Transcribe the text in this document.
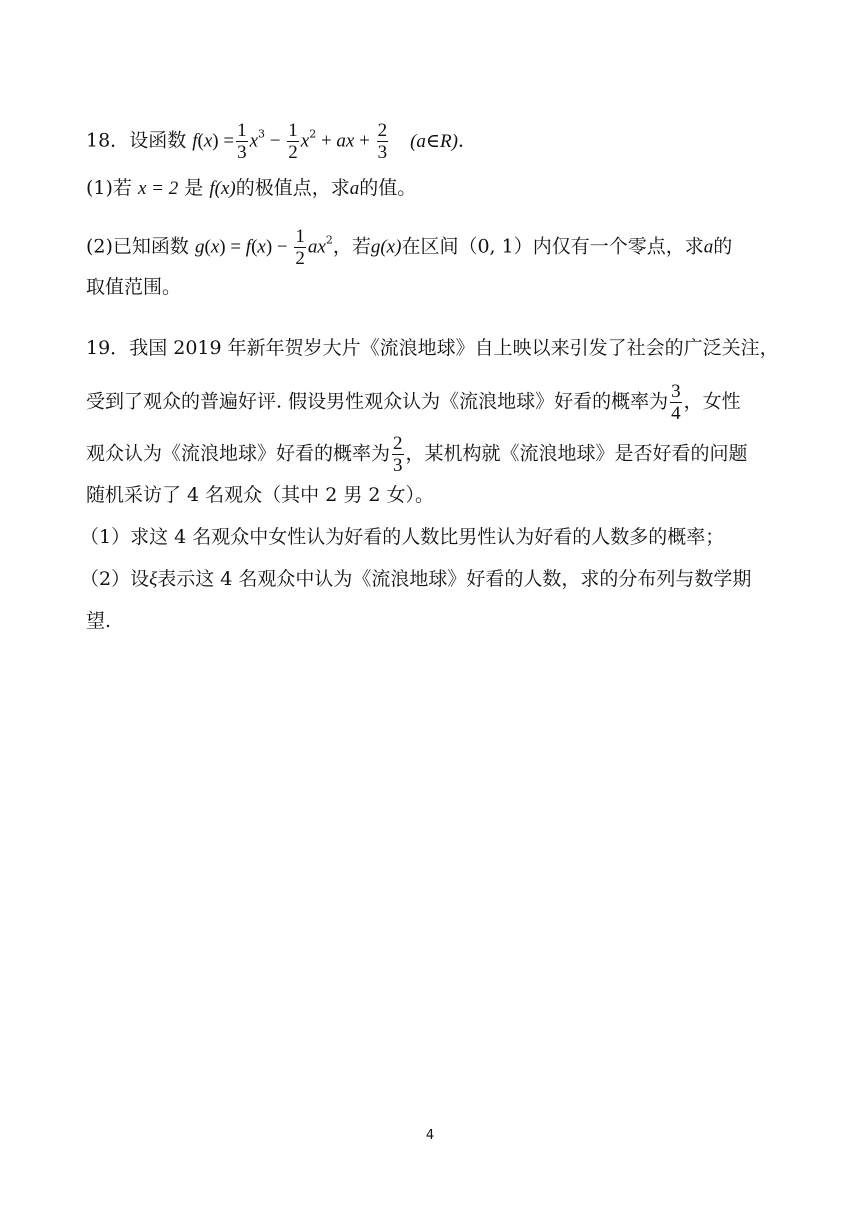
18．设函数 $f(x) = \frac{1}{3} x^3 - \frac{1}{2} x^2$ + ax + $\frac{2}{3}$ (a∈R)．
(1)若 x = 2 是 f(x)的极值点，求a的值。
(2)已知函数 $g(x) = f(x) - \frac{1}{2} ax^2$，若g(x)在区间（0, 1）内仅有一个零点，求a的
取值范围。
19．我国 2019 年新年贺岁大片《流浪地球》自上映以来引发了社会的广泛关注，
受到了观众的普遍好评. 假设男性观众认为《流浪地球》好看的概率为 $\frac{3}{4}$ ，女性
观众认为《流浪地球》好看的概率为 $\frac{2}{3}$ ，某机构就《流浪地球》是否好看的问题
随机采访了 4 名观众（其中 2 男 2 女）。
（1）求这 4 名观众中女性认为好看的人数比男性认为好看的人数多的概率；
（2）设ξ表示这 4 名观众中认为《流浪地球》好看的人数，求的分布列与数学期
望.
4
